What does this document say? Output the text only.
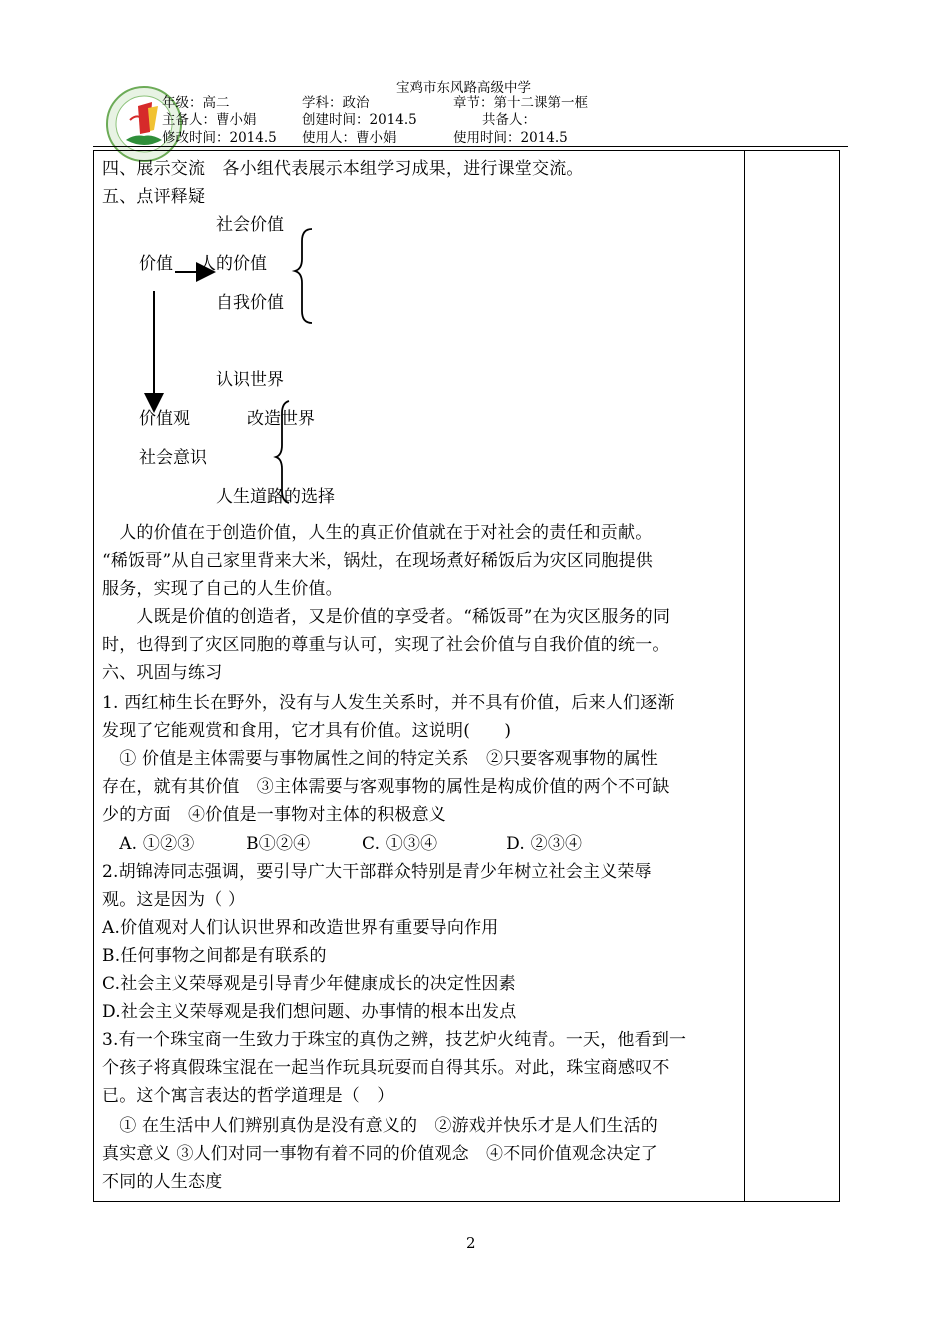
宝鸡市东风路高级中学
年级：高二	学科：政治	章节：第十二课第一框
主备人：曹小娟	创建时间：2014.5	共备人：
修改时间：2014.5 使用人：曹小娟	使用时间：2014.5
四、展示交流　各小组代表展示本组学习成果，进行课堂交流。
五、点评释疑
社会价值
价值 人的价值
自我价值
认识世界
价值观	改造世界
社会意识
人生道路的选择
　人的价值在于创造价值，人生的真正价值就在于对社会的责任和贡献。
“稀饭哥”从自己家里背来大米，锅灶，在现场煮好稀饭后为灾区同胞提供
服务，实现了自己的人生价值。
　　人既是价值的创造者，又是价值的享受者。“稀饭哥”在为灾区服务的同
时，也得到了灾区同胞的尊重与认可，实现了社会价值与自我价值的统一。
六、巩固与练习
1. 西红柿生长在野外，没有与人发生关系时，并不具有价值，后来人们逐渐
发现了它能观赏和食用，它才具有价值。这说明(　　)
　① 价值是主体需要与事物属性之间的特定关系　②只要客观事物的属性
存在，就有其价值　③主体需要与客观事物的属性是构成价值的两个不可缺
少的方面　④价值是一事物对主体的积极意义
　A. ①②③　　　B①②④　　　C. ①③④　　　　D. ②③④
2.胡锦涛同志强调，要引导广大干部群众特别是青少年树立社会主义荣辱
观。这是因为（ ）
A.价值观对人们认识世界和改造世界有重要导向作用
B.任何事物之间都是有联系的
C.社会主义荣辱观是引导青少年健康成长的决定性因素
D.社会主义荣辱观是我们想问题、办事情的根本出发点
3.有一个珠宝商一生致力于珠宝的真伪之辨，技艺炉火纯青。一天，他看到一
个孩子将真假珠宝混在一起当作玩具玩耍而自得其乐。对此，珠宝商感叹不
已。这个寓言表达的哲学道理是（　）
　① 在生活中人们辨别真伪是没有意义的　②游戏并快乐才是人们生活的
真实意义 ③人们对同一事物有着不同的价值观念　④不同价值观念决定了
不同的人生态度
2
